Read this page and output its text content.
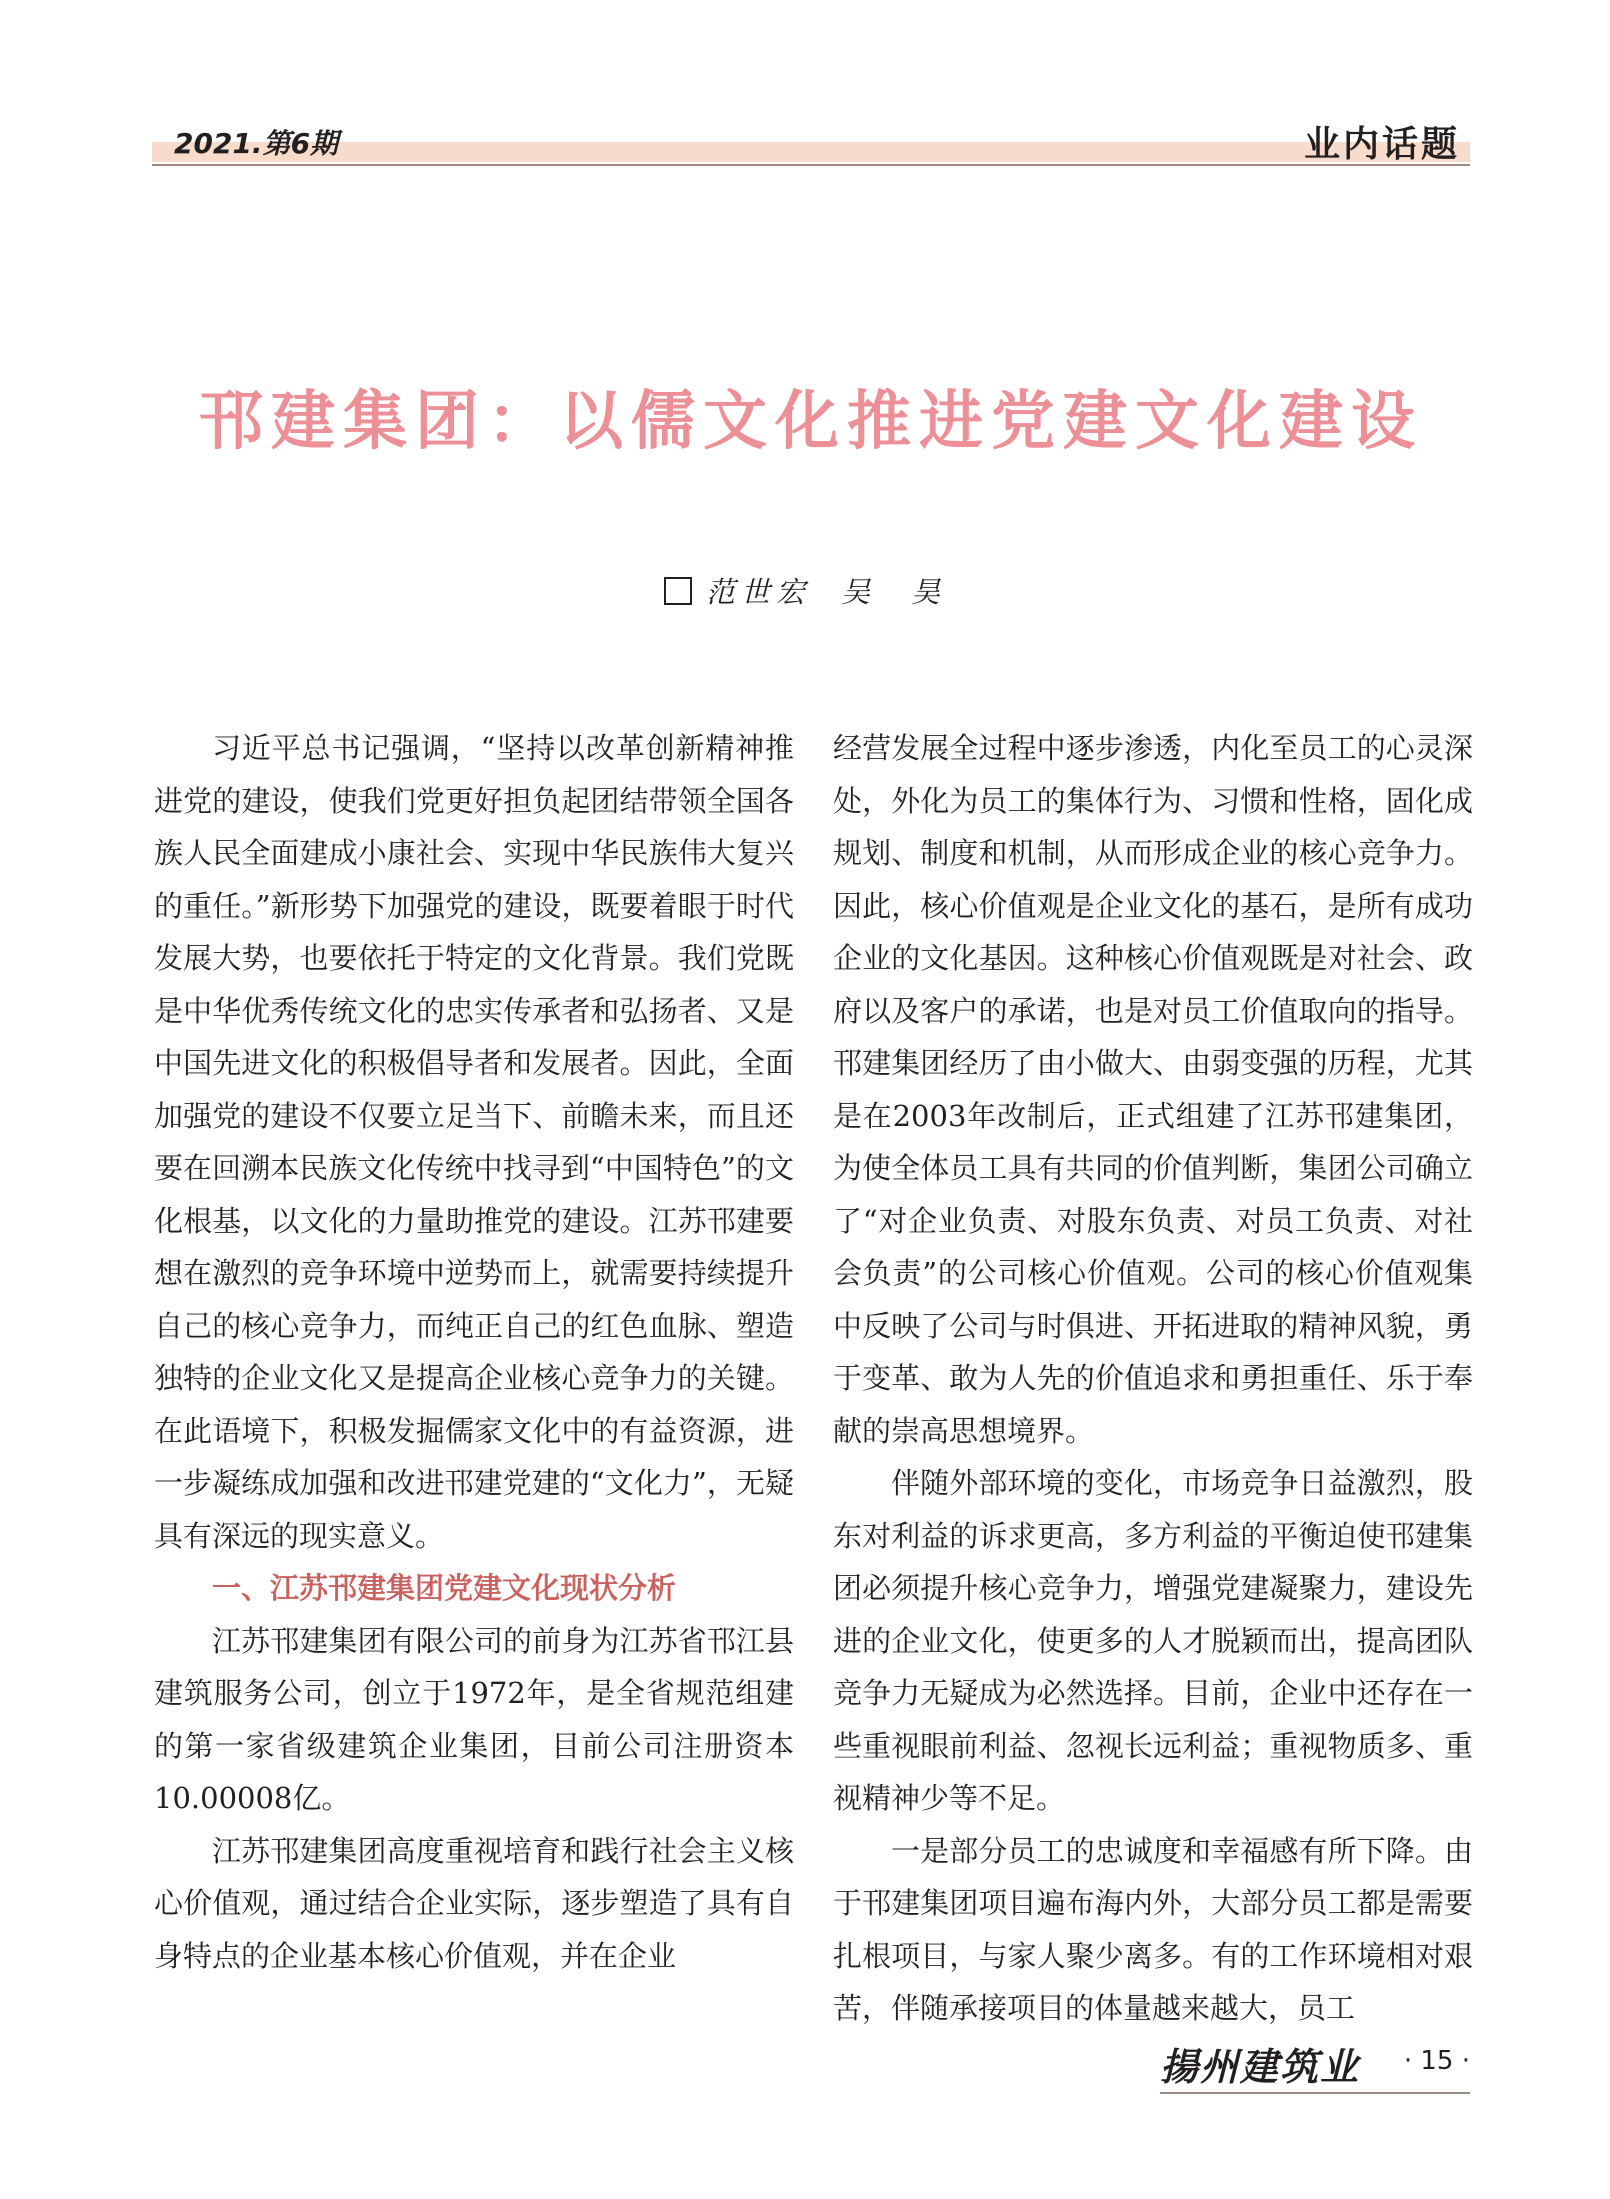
2021.第6期	业内话题
邗建集团：以儒文化推进党建文化建设
范世宏 吴　昊

习近平总书记强调，“坚持以改革创新精神推进党的建设，使我们党更好担负起团结带领全国各族人民全面建成小康社会、实现中华民族伟大复兴的重任。”新形势下加强党的建设，既要着眼于时代发展大势，也要依托于特定的文化背景。我们党既是中华优秀传统文化的忠实传承者和弘扬者、又是中国先进文化的积极倡导者和发展者。因此，全面加强党的建设不仅要立足当下、前瞻未来，而且还要在回溯本民族文化传统中找寻到“中国特色”的文化根基，以文化的力量助推党的建设。江苏邗建要想在激烈的竞争环境中逆势而上，就需要持续提升自己的核心竞争力，而纯正自己的红色血脉、塑造独特的企业文化又是提高企业核心竞争力的关键。在此语境下，积极发掘儒家文化中的有益资源，进一步凝练成加强和改进邗建党建的“文化力”，无疑具有深远的现实意义。

一、江苏邗建集团党建文化现状分析

江苏邗建集团有限公司的前身为江苏省邗江县建筑服务公司，创立于1972年，是全省规范组建的第一家省级建筑企业集团，目前公司注册资本10.00008亿。

江苏邗建集团高度重视培育和践行社会主义核心价值观，通过结合企业实际，逐步塑造了具有自身特点的企业基本核心价值观，并在企业

经营发展全过程中逐步渗透，内化至员工的心灵深处，外化为员工的集体行为、习惯和性格，固化成规划、制度和机制，从而形成企业的核心竞争力。因此，核心价值观是企业文化的基石，是所有成功企业的文化基因。这种核心价值观既是对社会、政府以及客户的承诺，也是对员工价值取向的指导。邗建集团经历了由小做大、由弱变强的历程，尤其是在2003年改制后，正式组建了江苏邗建集团，为使全体员工具有共同的价值判断，集团公司确立了“对企业负责、对股东负责、对员工负责、对社会负责”的公司核心价值观。公司的核心价值观集中反映了公司与时俱进、开拓进取的精神风貌，勇于变革、敢为人先的价值追求和勇担重任、乐于奉献的崇高思想境界。

伴随外部环境的变化，市场竞争日益激烈，股东对利益的诉求更高，多方利益的平衡迫使邗建集团必须提升核心竞争力，增强党建凝聚力，建设先进的企业文化，使更多的人才脱颖而出，提高团队竞争力无疑成为必然选择。目前，企业中还存在一些重视眼前利益、忽视长远利益；重视物质多、重视精神少等不足。

一是部分员工的忠诚度和幸福感有所下降。由于邗建集团项目遍布海内外，大部分员工都是需要扎根项目，与家人聚少离多。有的工作环境相对艰苦，伴随承接项目的体量越来越大，员工

揚州建筑业 · 15 ·
